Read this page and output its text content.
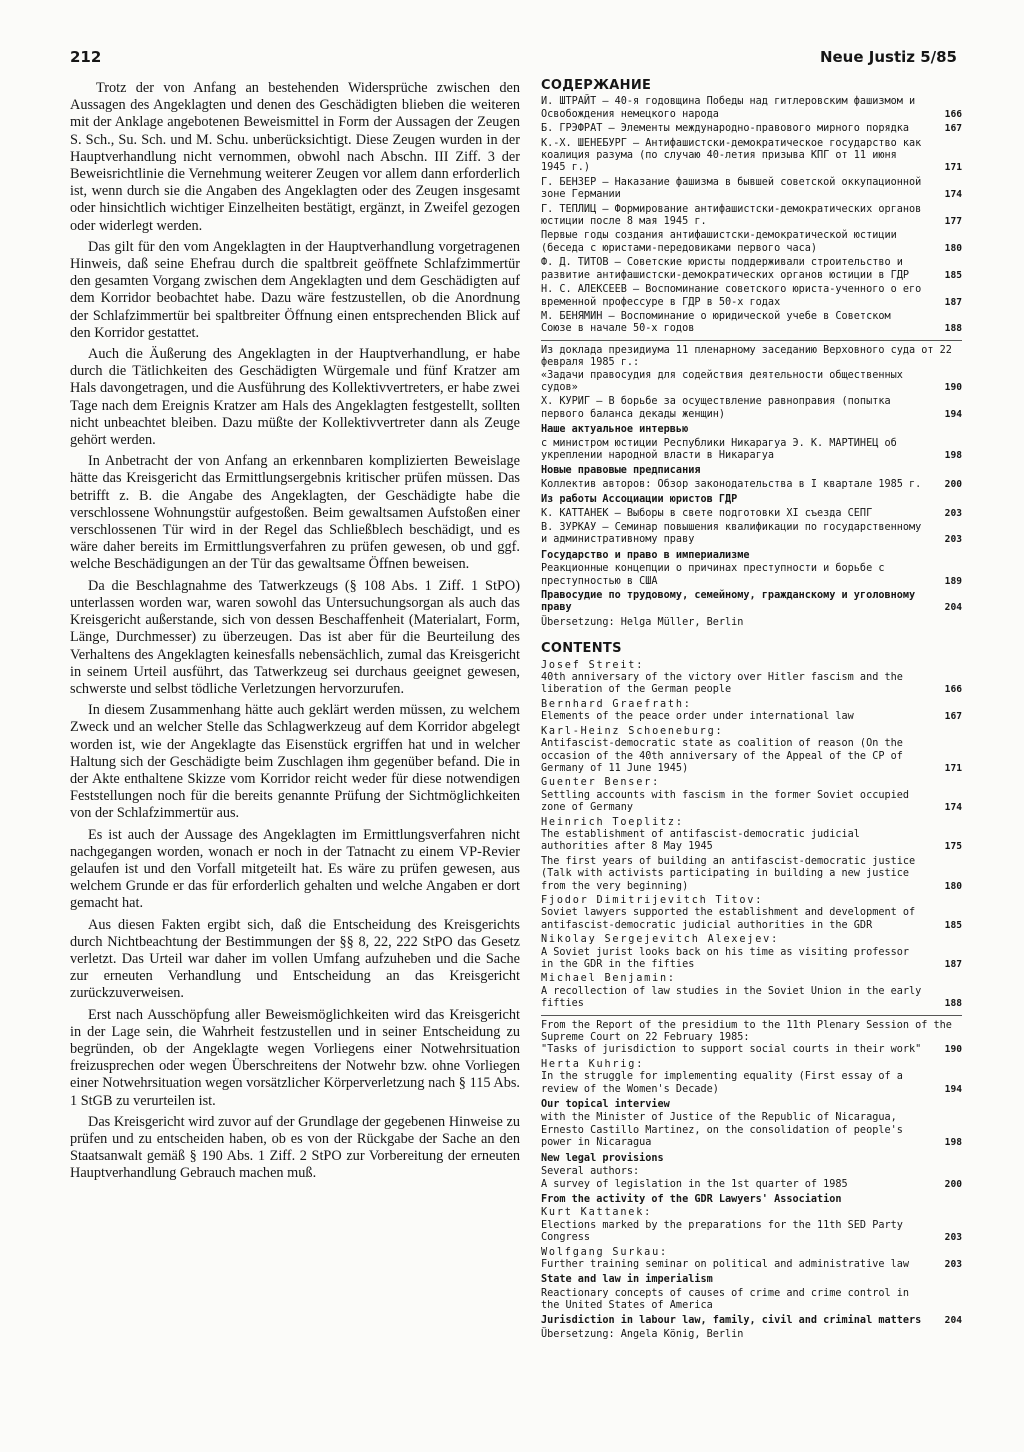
212	Neue Justiz 5/85

Trotz der von Anfang an bestehenden Widersprüche zwischen den Aussagen des Angeklagten und denen des Geschädigten blieben die weiteren mit der Anklage angebotenen Beweismittel in Form der Aussagen der Zeugen S. Sch., Su. Sch. und M. Schu. unberücksichtigt. Diese Zeugen wurden in der Hauptverhandlung nicht vernommen, obwohl nach Abschn. III Ziff. 3 der Beweisrichtlinie die Vernehmung weiterer Zeugen vor allem dann erforderlich ist, wenn durch sie die Angaben des Angeklagten oder des Zeugen insgesamt oder hinsichtlich wichtiger Einzelheiten bestätigt, ergänzt, in Zweifel gezogen oder widerlegt werden.

Das gilt für den vom Angeklagten in der Hauptverhandlung vorgetragenen Hinweis, daß seine Ehefrau durch die spaltbreit geöffnete Schlafzimmertür den gesamten Vorgang zwischen dem Angeklagten und dem Geschädigten auf dem Korridor beobachtet habe. Dazu wäre festzustellen, ob die Anordnung der Schlafzimmertür bei spaltbreiter Öffnung einen entsprechenden Blick auf den Korridor gestattet.

Auch die Äußerung des Angeklagten in der Hauptverhandlung, er habe durch die Tätlichkeiten des Geschädigten Würgemale und fünf Kratzer am Hals davongetragen, und die Ausführung des Kollektivvertreters, er habe zwei Tage nach dem Ereignis Kratzer am Hals des Angeklagten festgestellt, sollten nicht unbeachtet bleiben. Dazu müßte der Kollektivvertreter dann als Zeuge gehört werden.

In Anbetracht der von Anfang an erkennbaren komplizierten Beweislage hätte das Kreisgericht das Ermittlungsergebnis kritischer prüfen müssen. Das betrifft z. B. die Angabe des Angeklagten, der Geschädigte habe die verschlossene Wohnungstür aufgestoßen. Beim gewaltsamen Aufstoßen einer verschlossenen Tür wird in der Regel das Schließblech beschädigt, und es wäre daher bereits im Ermittlungsverfahren zu prüfen gewesen, ob und ggf. welche Beschädigungen an der Tür das gewaltsame Öffnen beweisen.

Da die Beschlagnahme des Tatwerkzeugs (§ 108 Abs. 1 Ziff. 1 StPO) unterlassen worden war, waren sowohl das Untersuchungsorgan als auch das Kreisgericht außerstande, sich von dessen Beschaffenheit (Materialart, Form, Länge, Durchmesser) zu überzeugen. Das ist aber für die Beurteilung des Verhaltens des Angeklagten keinesfalls nebensächlich, zumal das Kreisgericht in seinem Urteil ausführt, das Tatwerkzeug sei durchaus geeignet gewesen, schwerste und selbst tödliche Verletzungen hervorzurufen.

In diesem Zusammenhang hätte auch geklärt werden müssen, zu welchem Zweck und an welcher Stelle das Schlagwerkzeug auf dem Korridor abgelegt worden ist, wie der Angeklagte das Eisenstück ergriffen hat und in welcher Haltung sich der Geschädigte beim Zuschlagen ihm gegenüber befand. Die in der Akte enthaltene Skizze vom Korridor reicht weder für diese notwendigen Feststellungen noch für die bereits genannte Prüfung der Sichtmöglichkeiten von der Schlafzimmertür aus.

Es ist auch der Aussage des Angeklagten im Ermittlungsverfahren nicht nachgegangen worden, wonach er noch in der Tatnacht zu einem VP-Revier gelaufen ist und den Vorfall mitgeteilt hat. Es wäre zu prüfen gewesen, aus welchem Grunde er das für erforderlich gehalten und welche Angaben er dort gemacht hat.

Aus diesen Fakten ergibt sich, daß die Entscheidung des Kreisgerichts durch Nichtbeachtung der Bestimmungen der §§ 8, 22, 222 StPO das Gesetz verletzt. Das Urteil war daher im vollen Umfang aufzuheben und die Sache zur erneuten Verhandlung und Entscheidung an das Kreisgericht zurückzuverweisen.

Erst nach Ausschöpfung aller Beweismöglichkeiten wird das Kreisgericht in der Lage sein, die Wahrheit festzustellen und in seiner Entscheidung zu begründen, ob der Angeklagte wegen Vorliegens einer Notwehrsituation freizusprechen oder wegen Überschreitens der Notwehr bzw. ohne Vorliegen einer Notwehrsituation wegen vorsätzlicher Körperverletzung nach § 115 Abs. 1 StGB zu verurteilen ist.

Das Kreisgericht wird zuvor auf der Grundlage der gegebenen Hinweise zu prüfen und zu entscheiden haben, ob es von der Rückgabe der Sache an den Staatsanwalt gemäß § 190 Abs. 1 Ziff. 2 StPO zur Vorbereitung der erneuten Hauptverhandlung Gebrauch machen muß.

СОДЕРЖАНИЕ
И. ШТРАЙТ — 40-я годовщина Победы над гитлеровским фашизмом и Освобождения немецкого народа	166
Б. ГРЭФРАТ — Элементы международно-правового мирного порядка	167
К.-Х. ШЕНЕБУРГ — Антифашистски-демократическое государство как коалиция разума (по случаю 40-летия призыва КПГ от 11 июня 1945 г.)	171
Г. БЕНЗЕР — Наказание фашизма в бывшей советской оккупационной зоне Германии	174
Г. ТЕПЛИЦ — Формирование антифашистски-демократических органов юстиции после 8 мая 1945 г.	177
Первые годы создания антифашистски-демократической юстиции (беседа с юристами-передовиками первого часа)	180
Ф. Д. ТИТОВ — Советские юристы поддерживали строительство и развитие антифашистски-демократических органов юстиции в ГДР	185
Н. С. АЛЕКСЕЕВ — Воспоминание советского юриста-ученного о его временной профессуре в ГДР в 50-х годах	187
М. БЕНЯМИН — Воспоминание о юридической учебе в Советском Союзе в начале 50-х годов	188
Из доклада президиума 11 пленарному заседанию Верховного суда от 22 февраля 1985 г.:
«Задачи правосудия для содействия деятельности общественных судов»	190
Х. КУРИГ — В борьбе за осуществление равноправия (попытка первого баланса декады женщин)	194
Наше актуальное интервью
с министром юстиции Республики Никарагуа Э. К. МАРТИНЕЦ об укреплении народной власти в Никарагуа	198
Новые правовые предписания
Коллектив авторов: Обзор законодательства в I квартале 1985 г.	200
Из работы Ассоциации юристов ГДР
К. КАТТАНЕК — Выборы в свете подготовки XI съезда СЕПГ	203
В. ЗУРКАУ — Семинар повышения квалификации по государственному и административному праву	203
Государство и право в империализме
Реакционные концепции о причинах преступности и борьбе с преступностью в США	189
Правосудие по трудовому, семейному, гражданскому и уголовному праву	204
Übersetzung: Helga Müller, Berlin
CONTENTS
Josef Streit:
40th anniversary of the victory over Hitler fascism and the liberation of the German people	166
Bernhard Graefrath:
Elements of the peace order under international law	167
Karl-Heinz Schoeneburg:
Antifascist-democratic state as coalition of reason (On the occasion of the 40th anniversary of the Appeal of the CP of Germany of 11 June 1945)	171
Guenter Benser:
Settling accounts with fascism in the former Soviet occupied zone of Germany	174
Heinrich Toeplitz:
The establishment of antifascist-democratic judicial authorities after 8 May 1945	175
The first years of building an antifascist-democratic justice (Talk with activists participating in building a new justice from the very beginning)	180
Fjodor Dimitrijevitch Titov:
Soviet lawyers supported the establishment and development of antifascist-democratic judicial authorities in the GDR	185
Nikolay Sergejevitch Alexejev:
A Soviet jurist looks back on his time as visiting professor in the GDR in the fifties	187
Michael Benjamin:
A recollection of law studies in the Soviet Union in the early fifties	188
From the Report of the presidium to the 11th Plenary Session of the Supreme Court on 22 February 1985:
"Tasks of jurisdiction to support social courts in their work"	190
Herta Kuhrig:
In the struggle for implementing equality (First essay of a review of the Women's Decade)	194
Our topical interview
with the Minister of Justice of the Republic of Nicaragua, Ernesto Castillo Martinez, on the consolidation of people's power in Nicaragua	198
New legal provisions
Several authors:
A survey of legislation in the 1st quarter of 1985	200
From the activity of the GDR Lawyers' Association
Kurt Kattanek:
Elections marked by the preparations for the 11th SED Party Congress	203
Wolfgang Surkau:
Further training seminar on political and administrative law	203
State and law in imperialism
Reactionary concepts of causes of crime and crime control in the United States of America
Jurisdiction in labour law, family, civil and criminal matters	204
Übersetzung: Angela König, Berlin
